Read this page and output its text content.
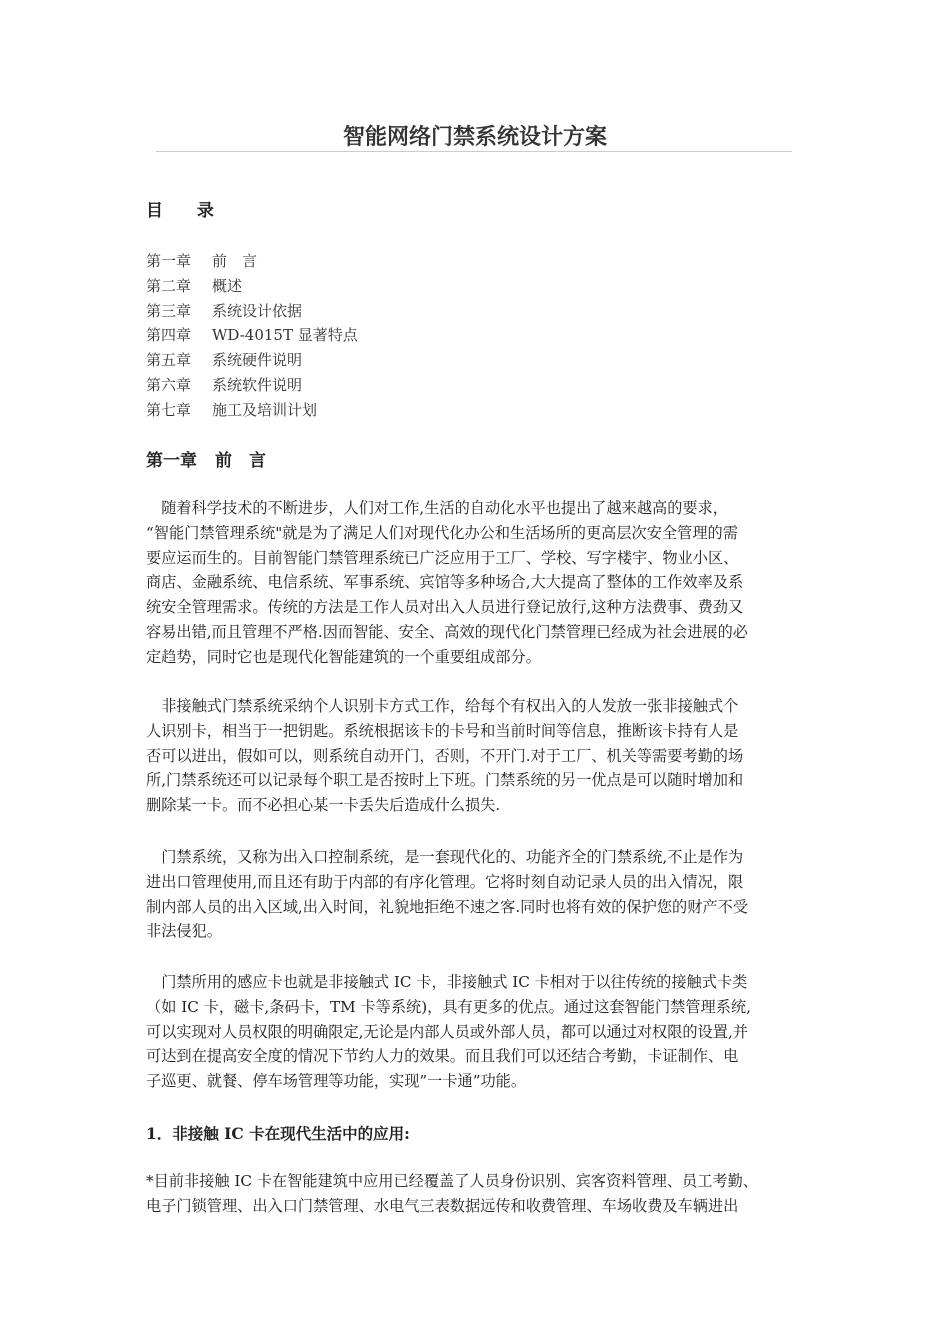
智能网络门禁系统设计方案
目 录
第一章 前　言
第二章 概述
第三章 系统设计依据
第四章 WD-4015T 显著特点
第五章 系统硬件说明
第六章 系统软件说明
第七章 施工及培训计划
第一章 前　言

　随着科学技术的不断进步，人们对工作,生活的自动化水平也提出了越来越高的要求，
“智能门禁管理系统"就是为了满足人们对现代化办公和生活场所的更高层次安全管理的需
要应运而生的。目前智能门禁管理系统已广泛应用于工厂、学校、写字楼宇、物业小区、
商店、金融系统、电信系统、军事系统、宾馆等多种场合,大大提高了整体的工作效率及系
统安全管理需求。传统的方法是工作人员对出入人员进行登记放行,这种方法费事、费劲又
容易出错,而且管理不严格.因而智能、安全、高效的现代化门禁管理已经成为社会进展的必
定趋势，同时它也是现代化智能建筑的一个重要组成部分。

　非接触式门禁系统采纳个人识别卡方式工作，给每个有权出入的人发放一张非接触式个
人识别卡，相当于一把钥匙。系统根据该卡的卡号和当前时间等信息，推断该卡持有人是
否可以进出，假如可以，则系统自动开门，否则，不开门.对于工厂、机关等需要考勤的场
所,门禁系统还可以记录每个职工是否按时上下班。门禁系统的另一优点是可以随时增加和
删除某一卡。而不必担心某一卡丢失后造成什么损失.

　门禁系统，又称为出入口控制系统，是一套现代化的、功能齐全的门禁系统,不止是作为
进出口管理使用,而且还有助于内部的有序化管理。它将时刻自动记录人员的出入情况，限
制内部人员的出入区域,出入时间，礼貌地拒绝不速之客.同时也将有效的保护您的财产不受
非法侵犯。

　门禁所用的感应卡也就是非接触式 IC 卡，非接触式 IC 卡相对于以往传统的接触式卡类
（如 IC 卡，磁卡,条码卡，TM 卡等系统)，具有更多的优点。通过这套智能门禁管理系统,
可以实现对人员权限的明确限定,无论是内部人员或外部人员，都可以通过对权限的设置,并
可达到在提高安全度的情况下节约人力的效果。而且我们可以还结合考勤，卡证制作、电
子巡更、就餐、停车场管理等功能，实现”一卡通”功能。

1．非接触 IC 卡在现代生活中的应用:

*目前非接触 IC 卡在智能建筑中应用已经覆盖了人员身份识别、宾客资料管理、员工考勤、
电子门锁管理、出入口门禁管理、水电气三表数据远传和收费管理、车场收费及车辆进出
